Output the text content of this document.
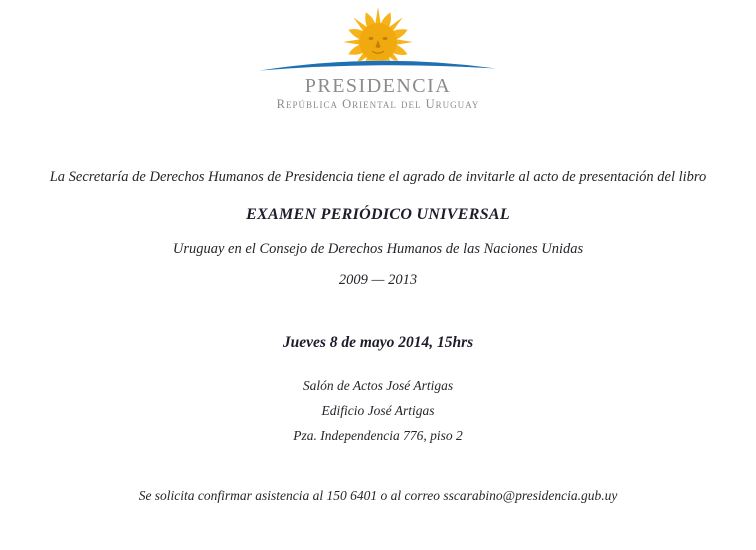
PRESIDENCIA
República Oriental del Uruguay

La Secretaría de Derechos Humanos de Presidencia tiene el agrado de invitarle al acto de presentación del libro

EXAMEN PERIÓDICO UNIVERSAL

Uruguay en el Consejo de Derechos Humanos de las Naciones Unidas

2009 — 2013

Jueves 8 de mayo 2014, 15hrs

Salón de Actos José Artigas

Edificio José Artigas

Pza. Independencia 776, piso 2

Se solicita confirmar asistencia al 150 6401 o al correo sscarabino@presidencia.gub.uy
